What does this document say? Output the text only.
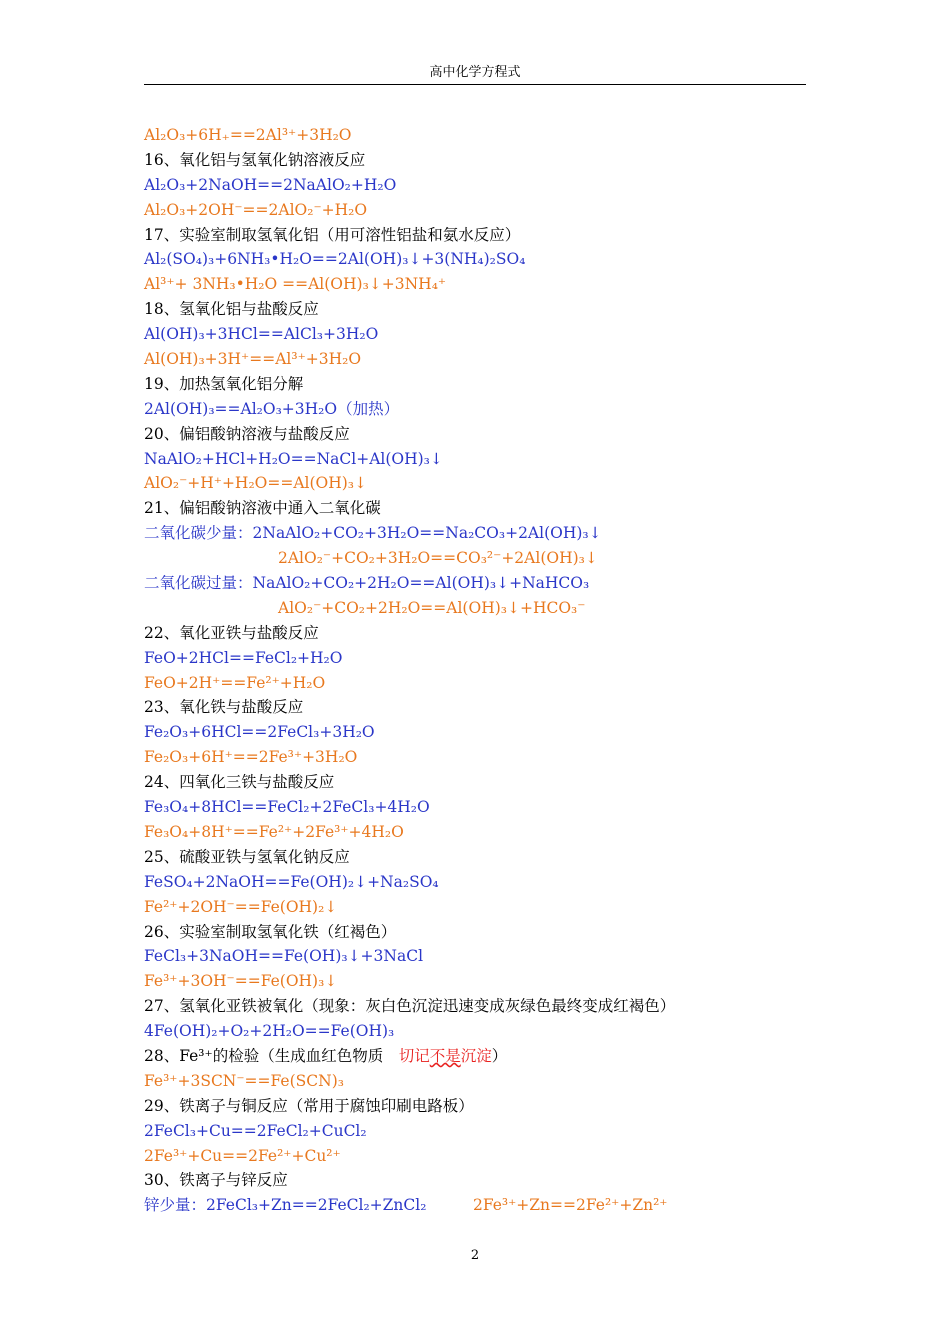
高中化学方程式
Al₂O₃+6H₊==2Al³⁺+3H₂O
16、氧化铝与氢氧化钠溶液反应
Al₂O₃+2NaOH==2NaAlO₂+H₂O
Al₂O₃+2OH⁻==2AlO₂⁻+H₂O
17、实验室制取氢氧化铝（用可溶性铝盐和氨水反应）
Al₂(SO₄)₃+6NH₃•H₂O==2Al(OH)₃↓+3(NH₄)₂SO₄
Al³⁺+ 3NH₃•H₂O ==Al(OH)₃↓+3NH₄⁺
18、氢氧化铝与盐酸反应
Al(OH)₃+3HCl==AlCl₃+3H₂O
Al(OH)₃+3H⁺==Al³⁺+3H₂O
19、加热氢氧化铝分解
2Al(OH)₃==Al₂O₃+3H₂O（加热）
20、偏铝酸钠溶液与盐酸反应
NaAlO₂+HCl+H₂O==NaCl+Al(OH)₃↓
AlO₂⁻+H⁺+H₂O==Al(OH)₃↓
21、偏铝酸钠溶液中通入二氧化碳
二氧化碳少量：2NaAlO₂+CO₂+3H₂O==Na₂CO₃+2Al(OH)₃↓
2AlO₂⁻+CO₂+3H₂O==CO₃²⁻+2Al(OH)₃↓
二氧化碳过量：NaAlO₂+CO₂+2H₂O==Al(OH)₃↓+NaHCO₃
AlO₂⁻+CO₂+2H₂O==Al(OH)₃↓+HCO₃⁻
22、氧化亚铁与盐酸反应
FeO+2HCl==FeCl₂+H₂O
FeO+2H⁺==Fe²⁺+H₂O
23、氧化铁与盐酸反应
Fe₂O₃+6HCl==2FeCl₃+3H₂O
Fe₂O₃+6H⁺==2Fe³⁺+3H₂O
24、四氧化三铁与盐酸反应
Fe₃O₄+8HCl==FeCl₂+2FeCl₃+4H₂O
Fe₃O₄+8H⁺==Fe²⁺+2Fe³⁺+4H₂O
25、硫酸亚铁与氢氧化钠反应
FeSO₄+2NaOH==Fe(OH)₂↓+Na₂SO₄
Fe²⁺+2OH⁻==Fe(OH)₂↓
26、实验室制取氢氧化铁（红褐色）
FeCl₃+3NaOH==Fe(OH)₃↓+3NaCl
Fe³⁺+3OH⁻==Fe(OH)₃↓
27、氢氧化亚铁被氧化（现象：灰白色沉淀迅速变成灰绿色最终变成红褐色）
4Fe(OH)₂+O₂+2H₂O==Fe(OH)₃
28、Fe³⁺的检验（生成血红色物质　切记不是沉淀）
Fe³⁺+3SCN⁻==Fe(SCN)₃
29、铁离子与铜反应（常用于腐蚀印刷电路板）
2FeCl₃+Cu==2FeCl₂+CuCl₂
2Fe³⁺+Cu==2Fe²⁺+Cu²⁺
30、铁离子与锌反应
锌少量：2FeCl₃+Zn==2FeCl₂+ZnCl₂　　　	2Fe³⁺+Zn==2Fe²⁺+Zn²⁺
2
